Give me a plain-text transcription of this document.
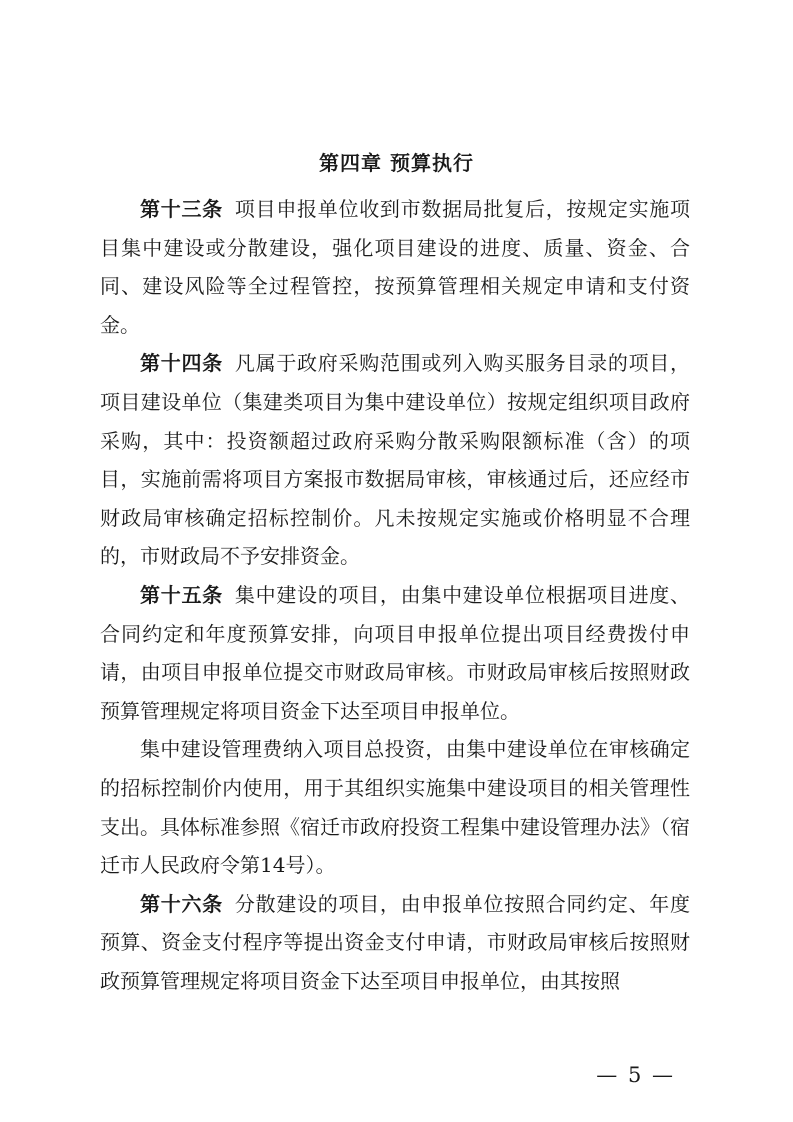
第四章 预算执行

第十三条 项目申报单位收到市数据局批复后，按规定实施项目集中建设或分散建设，强化项目建设的进度、质量、资金、合同、建设风险等全过程管控，按预算管理相关规定申请和支付资金。

第十四条 凡属于政府采购范围或列入购买服务目录的项目，项目建设单位（集建类项目为集中建设单位）按规定组织项目政府采购，其中：投资额超过政府采购分散采购限额标准（含）的项目，实施前需将项目方案报市数据局审核，审核通过后，还应经市财政局审核确定招标控制价。凡未按规定实施或价格明显不合理的，市财政局不予安排资金。

第十五条 集中建设的项目，由集中建设单位根据项目进度、合同约定和年度预算安排，向项目申报单位提出项目经费拨付申请，由项目申报单位提交市财政局审核。市财政局审核后按照财政预算管理规定将项目资金下达至项目申报单位。

集中建设管理费纳入项目总投资，由集中建设单位在审核确定的招标控制价内使用，用于其组织实施集中建设项目的相关管理性支出。具体标准参照《宿迁市政府投资工程集中建设管理办法》（宿迁市人民政府令第14号）。

第十六条 分散建设的项目，由申报单位按照合同约定、年度预算、资金支付程序等提出资金支付申请，市财政局审核后按照财政预算管理规定将项目资金下达至项目申报单位，由其按照

— 5 —
